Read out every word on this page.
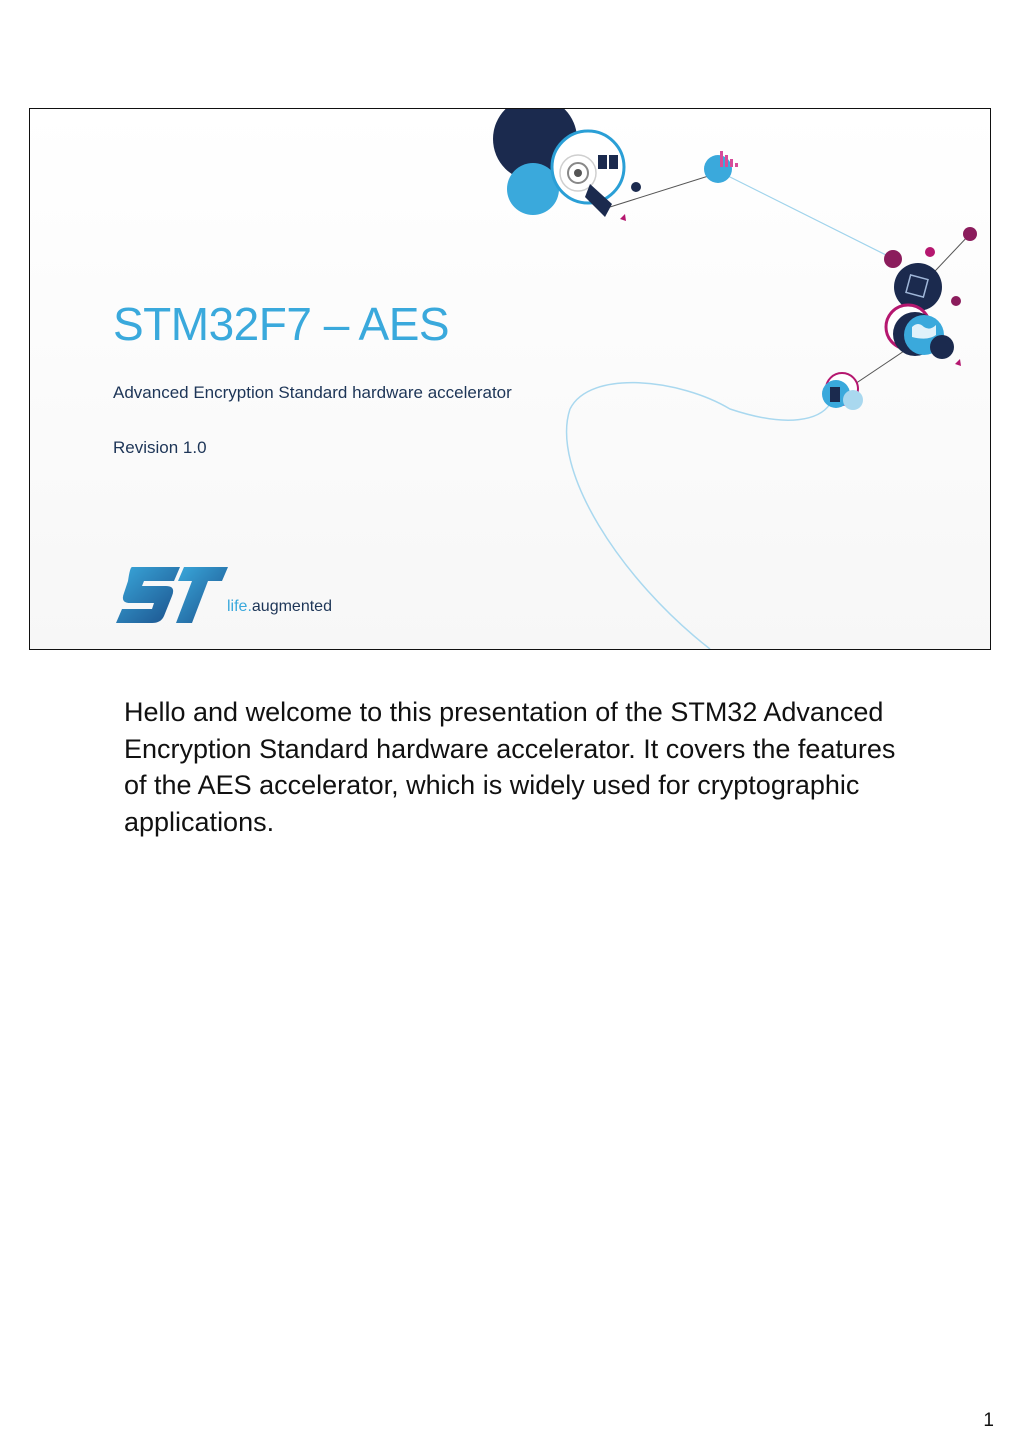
STM32F7 – AES
Advanced Encryption Standard hardware accelerator
Revision 1.0
life.augmented

Hello and welcome to this presentation of the STM32 Advanced Encryption Standard hardware accelerator. It covers the features of the AES accelerator, which is widely used for cryptographic applications.

1
